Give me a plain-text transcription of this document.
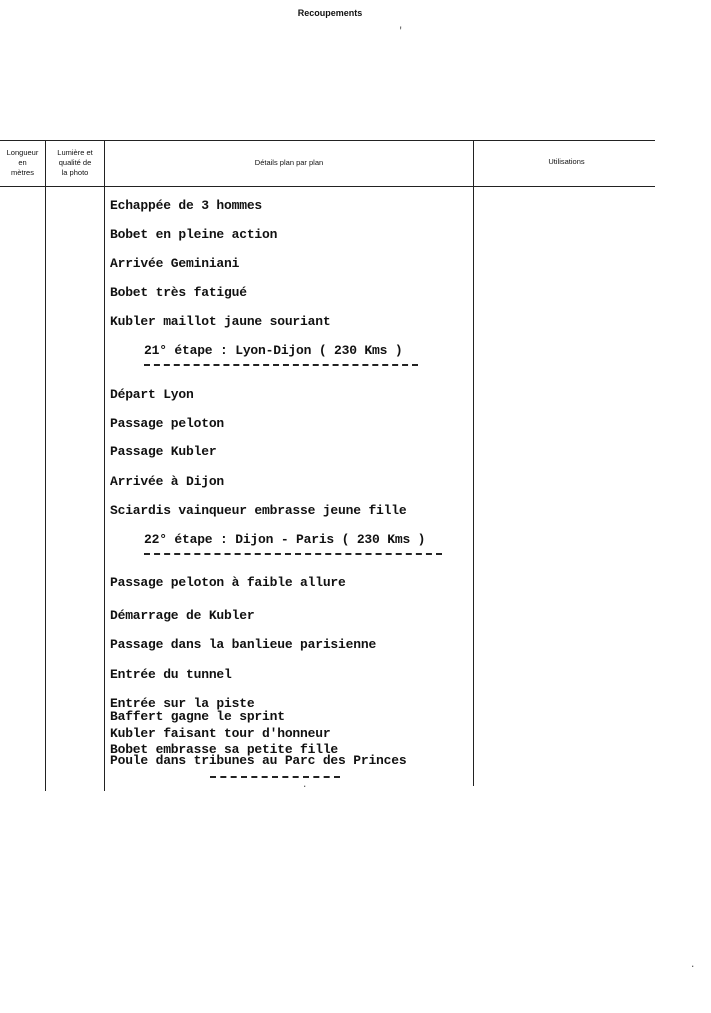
Recoupements
Longueur
en
mètres
Lumière et
qualité de
la photo
Détails plan par plan	Utilisations
Echappée de 3 hommes
Bobet en pleine action
Arrivée Geminiani
Bobet très fatigué
Kubler maillot jaune souriant
21° étape : Lyon-Dijon ( 230 Kms )
Départ Lyon
Passage peloton
Passage Kubler
Arrivée à Dijon
Sciardis vainqueur embrasse jeune fille
22° étape : Dijon - Paris ( 230 Kms )
Passage peloton à faible allure
Démarrage de Kubler
Passage dans la banlieue parisienne
Entrée du tunnel
Entrée sur la piste
Baffert gagne le sprint
Kubler faisant tour d'honneur
Bobet embrasse sa petite fille
Poule dans tribunes au Parc des Princes
'
.
.
